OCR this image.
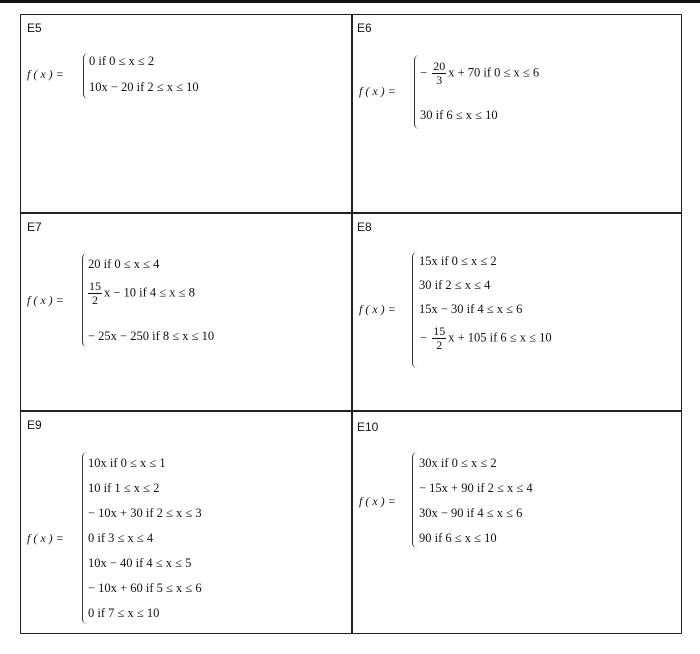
E5
f ( x ) =
0 if 0 ≤ x ≤ 2
10x − 20 if 2 ≤ x ≤ 10
E6
f ( x ) =
− $\frac{20}{3}$ x + 70 if 0 ≤ x ≤ 6
30 if 6 ≤ x ≤ 10
E7
f ( x ) =
20 if 0 ≤ x ≤ 4
$\frac{15}{2}$ x − 10 if 4 ≤ x ≤ 8
− 25x − 250 if 8 ≤ x ≤ 10
E8
f ( x ) =
15x if 0 ≤ x ≤ 2
30 if 2 ≤ x ≤ 4
15x − 30 if 4 ≤ x ≤ 6
− $\frac{15}{2}$ x + 105 if 6 ≤ x ≤ 10
E9
f ( x ) =
10x if 0 ≤ x ≤ 1
10 if 1 ≤ x ≤ 2
− 10x + 30 if 2 ≤ x ≤ 3
0 if 3 ≤ x ≤ 4
10x − 40 if 4 ≤ x ≤ 5
− 10x + 60 if 5 ≤ x ≤ 6
0 if 7 ≤ x ≤ 10
E10
f ( x ) =
30x if 0 ≤ x ≤ 2
− 15x + 90 if 2 ≤ x ≤ 4
30x − 90 if 4 ≤ x ≤ 6
90 if 6 ≤ x ≤ 10
